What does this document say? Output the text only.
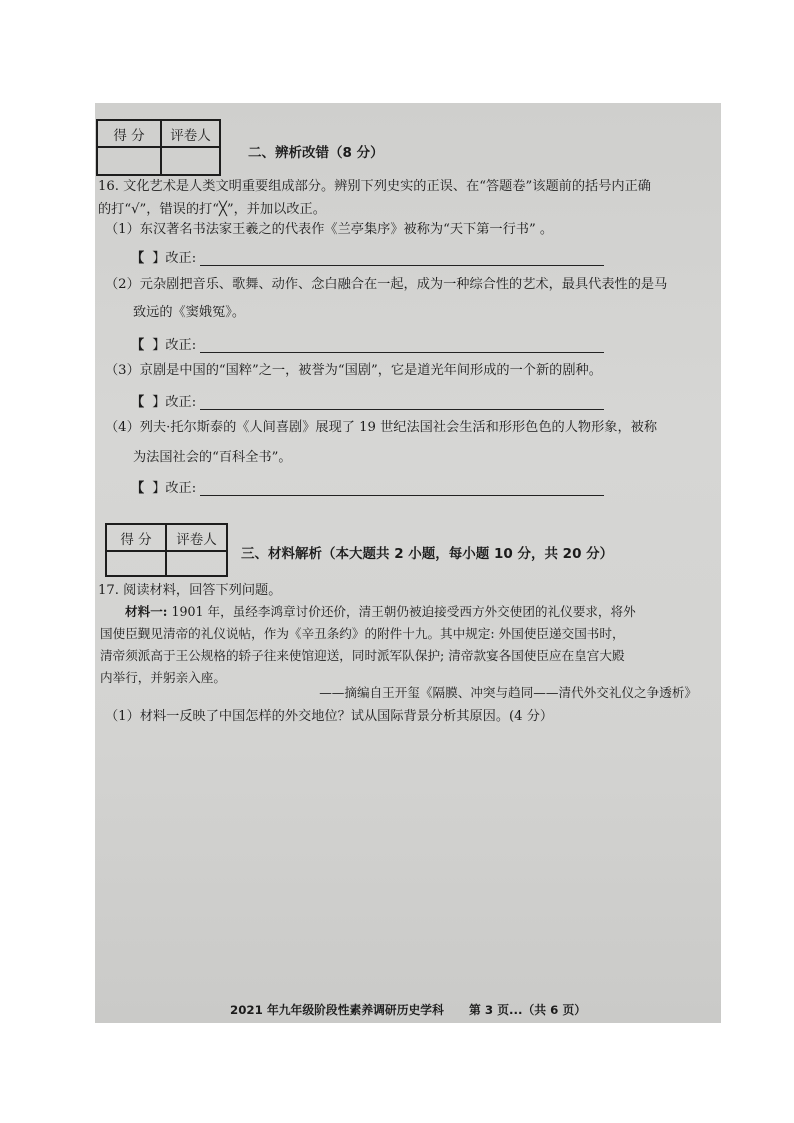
得 分	评卷人

二、辨析改错（8 分）
16. 文化艺术是人类文明重要组成部分。辨别下列史实的正误、在“答题卷”该题前的括号内正确
的打“√”，错误的打“╳”，并加以改正。
（1）东汉著名书法家王羲之的代表作《兰亭集序》被称为“天下第一行书” 。
【 】改正:
（2）元杂剧把音乐、歌舞、动作、念白融合在一起，成为一种综合性的艺术，最具代表性的是马
致远的《窦娥冤》。
【 】改正:
（3）京剧是中国的“国粹”之一，被誉为“国剧”，它是道光年间形成的一个新的剧种。
【 】改正:
（4）列夫·托尔斯泰的《人间喜剧》展现了 19 世纪法国社会生活和形形色色的人物形象，被称
为法国社会的“百科全书”。
【 】改正:
得 分	评卷人

三、材料解析（本大题共 2 小题，每小题 10 分，共 20 分）
17. 阅读材料，回答下列问题。
材料一: 1901 年，虽经李鸿章讨价还价，清王朝仍被迫接受西方外交使团的礼仪要求，将外
国使臣觐见清帝的礼仪说帖，作为《辛丑条约》的附件十九。其中规定: 外国使臣递交国书时，
清帝须派高于王公规格的轿子往来使馆迎送，同时派军队保护; 清帝款宴各国使臣应在皇宫大殿
内举行，并躬亲入座。
——摘编自王开玺《隔膜、冲突与趋同——清代外交礼仪之争透析》
（1）材料一反映了中国怎样的外交地位？试从国际背景分析其原因。(4 分）
2021 年九年级阶段性素养调研历史学科 第 3 页...（共 6 页）
